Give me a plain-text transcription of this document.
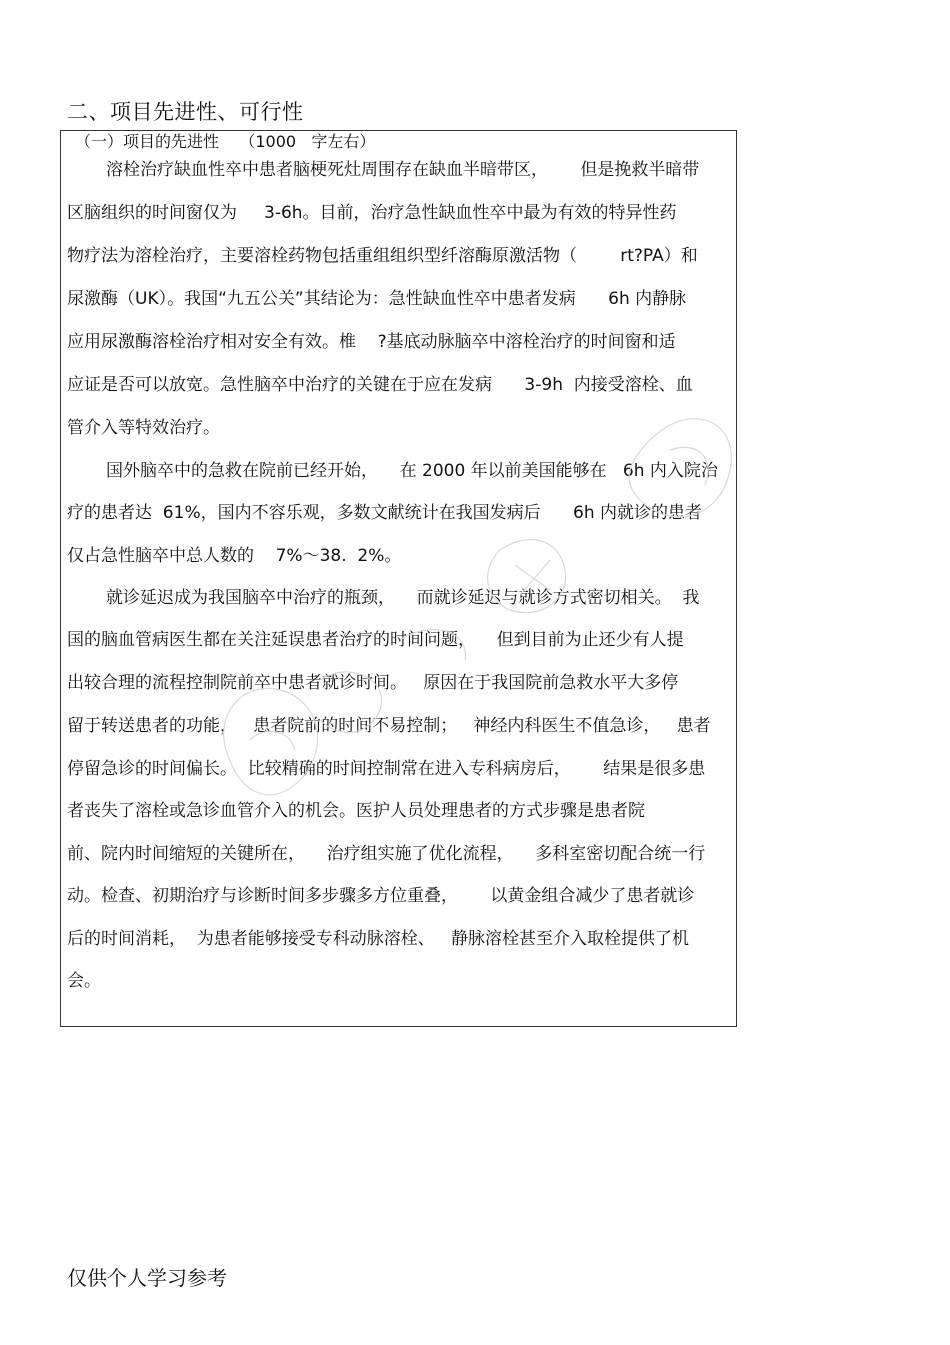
二、项目先进性、可行性
（一）项目的先进性    （1000   字左右）
溶栓治疗缺血性卒中患者脑梗死灶周围存在缺血半暗带区，      但是挽救半暗带
区脑组织的时间窗仅为     3-6h。目前，治疗急性缺血性卒中最为有效的特异性药
物疗法为溶栓治疗，主要溶栓药物包括重组组织型纤溶酶原激活物（        rt?PA）和
尿激酶（UK）。我国“九五公关”其结论为：急性缺血性卒中患者发病      6h 内静脉
应用尿激酶溶栓治疗相对安全有效。椎    ?基底动脉脑卒中溶栓治疗的时间窗和适
应证是否可以放宽。急性脑卒中治疗的关键在于应在发病      3-9h  内接受溶栓、血
管介入等特效治疗。
国外脑卒中的急救在院前已经开始，    在 2000 年以前美国能够在   6h 内入院治
疗的患者达  61%，国内不容乐观，多数文献统计在我国发病后      6h 内就诊的患者
仅占急性脑卒中总人数的    7%～38.  2%。
就诊延迟成为我国脑卒中治疗的瓶颈，    而就诊延迟与就诊方式密切相关。  我
国的脑血管病医生都在关注延误患者治疗的时间问题，    但到目前为止还少有人提
出较合理的流程控制院前卒中患者就诊时间。   原因在于我国院前急救水平大多停
留于转送患者的功能，   患者院前的时间不易控制；   神经内科医生不值急诊，   患者
停留急诊的时间偏长。  比较精确的时间控制常在进入专科病房后，      结果是很多患
者丧失了溶栓或急诊血管介入的机会。医护人员处理患者的方式步骤是患者院
前、院内时间缩短的关键所在，    治疗组实施了优化流程，    多科室密切配合统一行
动。检查、初期治疗与诊断时间多步骤多方位重叠，      以黄金组合减少了患者就诊
后的时间消耗，  为患者能够接受专科动脉溶栓、   静脉溶栓甚至介入取栓提供了机
会。
仅供个人学习参考
